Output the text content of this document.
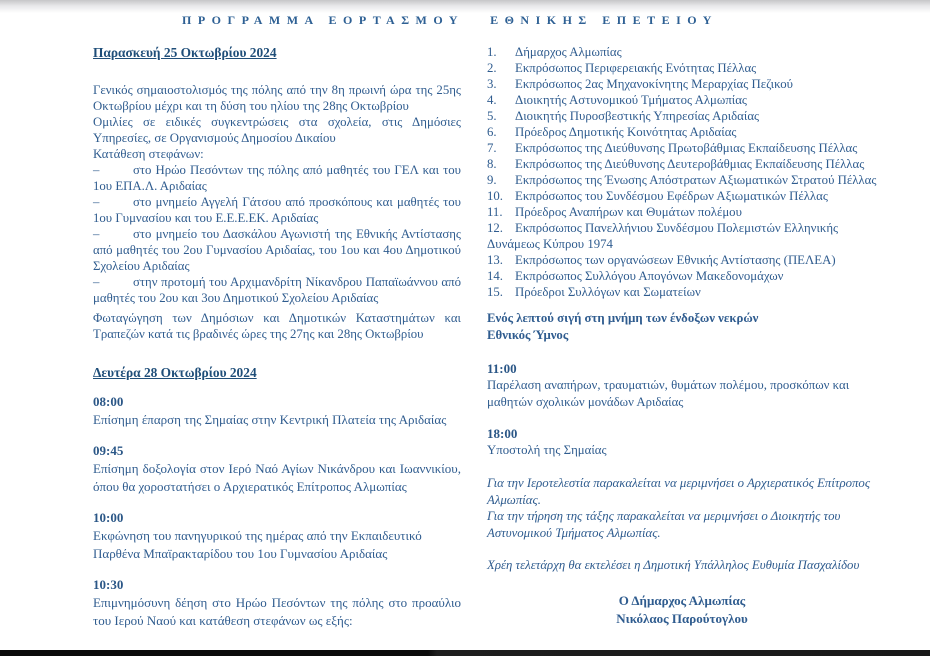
ΠΡΟΓΡΑΜΜΑ ΕΟΡΤΑΣΜΟΥ ΕΘΝΙΚΗΣ ΕΠΕΤΕΙΟΥ

Παρασκευή 25 Οκτωβρίου 2024

Γενικός σημαιοστολισμός της πόλης από την 8η πρωινή ώρα της 25ης Οκτωβρίου μέχρι και τη δύση του ηλίου της 28ης Οκτωβρίου

Ομιλίες σε ειδικές συγκεντρώσεις στα σχολεία, στις Δημόσιες Υπηρεσίες, σε Οργανισμούς Δημοσίου Δικαίου

Κατάθεση στεφάνων:

–	στο Ηρώο Πεσόντων της πόλης από μαθητές του ΓΕΛ και του 1ου ΕΠΑ.Λ. Αριδαίας

–	στο μνημείο Αγγελή Γάτσου από προσκόπους και μαθητές του 1ου Γυμνασίου και του Ε.Ε.Ε.ΕΚ. Αριδαίας

–	στο μνημείο του Δασκάλου Αγωνιστή της Εθνικής Αντίστασης από μαθητές του 2ου Γυμνασίου Αριδαίας, του 1ου και 4ου Δημοτικού Σχολείου Αριδαίας

–	στην προτομή του Αρχιμανδρίτη Νίκανδρου Παπαϊωάννου από μαθητές του 2ου και 3ου Δημοτικού Σχολείου Αριδαίας

Φωταγώγηση των Δημόσιων και Δημοτικών Καταστημάτων και Τραπεζών κατά τις βραδινές ώρες της 27ης και 28ης Οκτωβρίου

Δευτέρα 28 Οκτωβρίου 2024

08:00

Επίσημη έπαρση της Σημαίας στην Κεντρική Πλατεία της Αριδαίας

09:45

Επίσημη δοξολογία στον Ιερό Ναό Αγίων Νικάνδρου και Ιωαννικίου, όπου θα χοροστατήσει ο Αρχιερατικός Επίτροπος Αλμωπίας

10:00

Εκφώνηση του πανηγυρικού της ημέρας από την Εκπαιδευτικό Παρθένα Μπαϊρακταρίδου του 1ου Γυμνασίου Αριδαίας

10:30

Επιμνημόσυνη δέηση στο Ηρώο Πεσόντων της πόλης στο προαύλιο του Ιερού Ναού και κατάθεση στεφάνων ως εξής:

1. Δήμαρχος Αλμωπίας

2. Εκπρόσωπος Περιφερειακής Ενότητας Πέλλας

3. Εκπρόσωπος 2ας Μηχανοκίνητης Μεραρχίας Πεζικού

4. Διοικητής Αστυνομικού Τμήματος Αλμωπίας

5. Διοικητής Πυροσβεστικής Υπηρεσίας Αριδαίας

6. Πρόεδρος Δημοτικής Κοινότητας Αριδαίας

7. Εκπρόσωπος της Διεύθυνσης Πρωτοβάθμιας Εκπαίδευσης Πέλλας

8. Εκπρόσωπος της Διεύθυνσης Δευτεροβάθμιας Εκπαίδευσης Πέλλας

9. Εκπρόσωπος της Ένωσης Απόστρατων Αξιωματικών Στρατού Πέλλας

10. Εκπρόσωπος του Συνδέσμου Εφέδρων Αξιωματικών Πέλλας

11. Πρόεδρος Αναπήρων και Θυμάτων πολέμου

12. Εκπρόσωπος Πανελλήνιου Συνδέσμου Πολεμιστών Ελληνικής Δυνάμεως Κύπρου 1974

13. Εκπρόσωπος των οργανώσεων Εθνικής Αντίστασης (ΠΕΛΕΑ)

14. Εκπρόσωπος Συλλόγου Απογόνων Μακεδονομάχων

15. Πρόεδροι Συλλόγων και Σωματείων

Ενός λεπτού σιγή στη μνήμη των ένδοξων νεκρών

Εθνικός Ύμνος

11:00

Παρέλαση αναπήρων, τραυματιών, θυμάτων πολέμου, προσκόπων και μαθητών σχολικών μονάδων Αριδαίας

18:00

Υποστολή της Σημαίας

Για την Ιεροτελεστία παρακαλείται να μεριμνήσει ο Αρχιερατικός Επίτροπος Αλμωπίας.

Για την τήρηση της τάξης παρακαλείται να μεριμνήσει ο Διοικητής του Αστυνομικού Τμήματος Αλμωπίας.

Χρέη τελετάρχη θα εκτελέσει η Δημοτική Υπάλληλος Ευθυμία Πασχαλίδου

Ο Δήμαρχος Αλμωπίας

Νικόλαος Παρούτογλου
